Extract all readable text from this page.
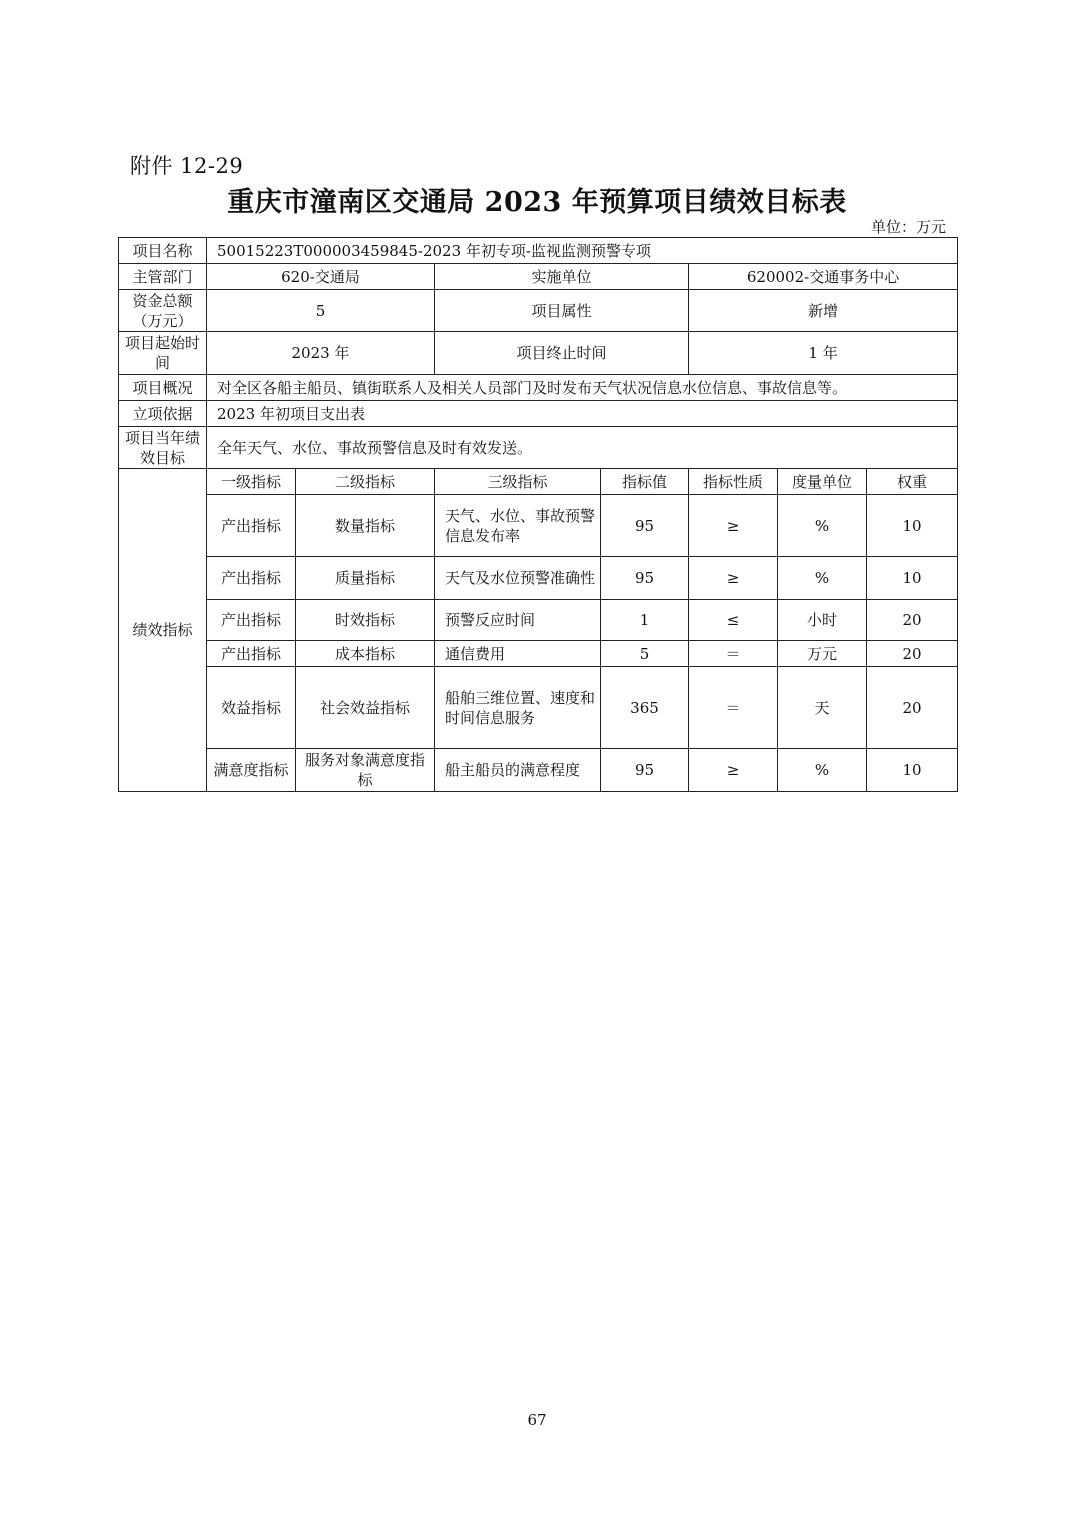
附件 12-29
重庆市潼南区交通局 2023 年预算项目绩效目标表
单位：万元
项目名称	50015223T000003459845-2023 年初专项-监视监测预警专项						
主管部门	620-交通局		实施单位		620002-交通事务中心		
资金总额（万元）	5		项目属性		新增		
项目起始时间	2023 年		项目终止时间		1 年		
项目概况	对全区各船主船员、镇街联系人及相关人员部门及时发布天气状况信息水位信息、事故信息等。						
立项依据	2023 年初项目支出表						
项目当年绩效目标	全年天气、水位、事故预警信息及时有效发送。						
绩效指标	一级指标	二级指标	三级指标	指标值	指标性质	度量单位	权重
	产出指标	数量指标	天气、水位、事故预警信息发布率	95	≥	%	10
	产出指标	质量指标	天气及水位预警准确性	95	≥	%	10
	产出指标	时效指标	预警反应时间	1	≤	小时	20
	产出指标	成本指标	通信费用	5	＝	万元	20
	效益指标	社会效益指标	船舶三维位置、速度和时间信息服务	365	＝	天	20
	满意度指标	服务对象满意度指标	船主船员的满意程度	95	≥	%	10
67
